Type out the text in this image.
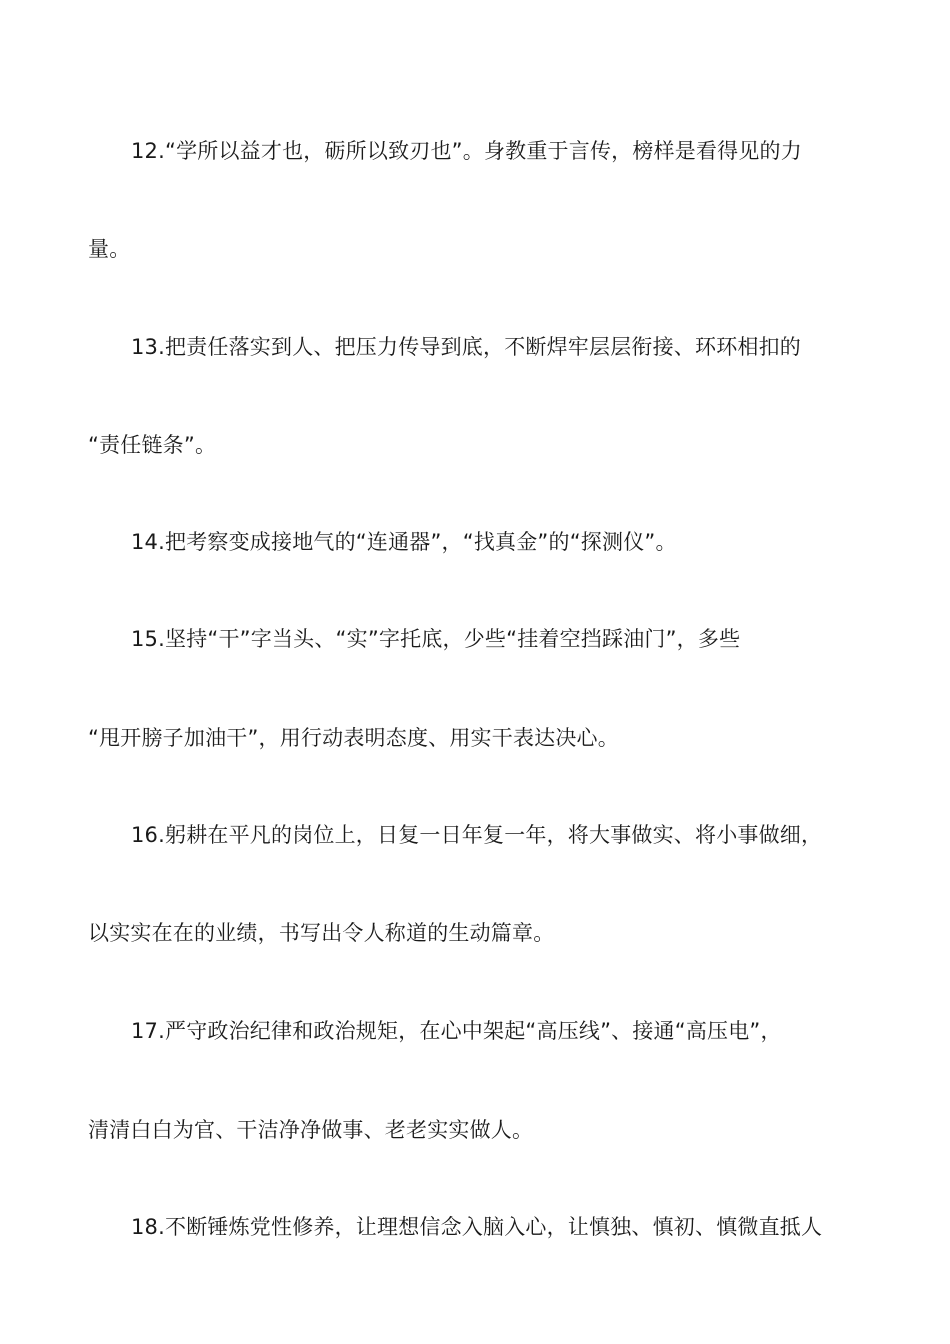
12.“学所以益才也，砺所以致刃也”。身教重于言传，榜样是看得见的力
量。
13.把责任落实到人、把压力传导到底，不断焊牢层层衔接、环环相扣的
“责任链条”。
14.把考察变成接地气的“连通器”，“找真金”的“探测仪”。
15.坚持“干”字当头、“实”字托底，少些“挂着空挡踩油门”，多些
“甩开膀子加油干”，用行动表明态度、用实干表达决心。
16.躬耕在平凡的岗位上，日复一日年复一年，将大事做实、将小事做细，
以实实在在的业绩，书写出令人称道的生动篇章。
17.严守政治纪律和政治规矩，在心中架起“高压线”、接通“高压电”，
清清白白为官、干洁净净做事、老老实实做人。
18.不断锤炼党性修养，让理想信念入脑入心，让慎独、慎初、慎微直抵人
